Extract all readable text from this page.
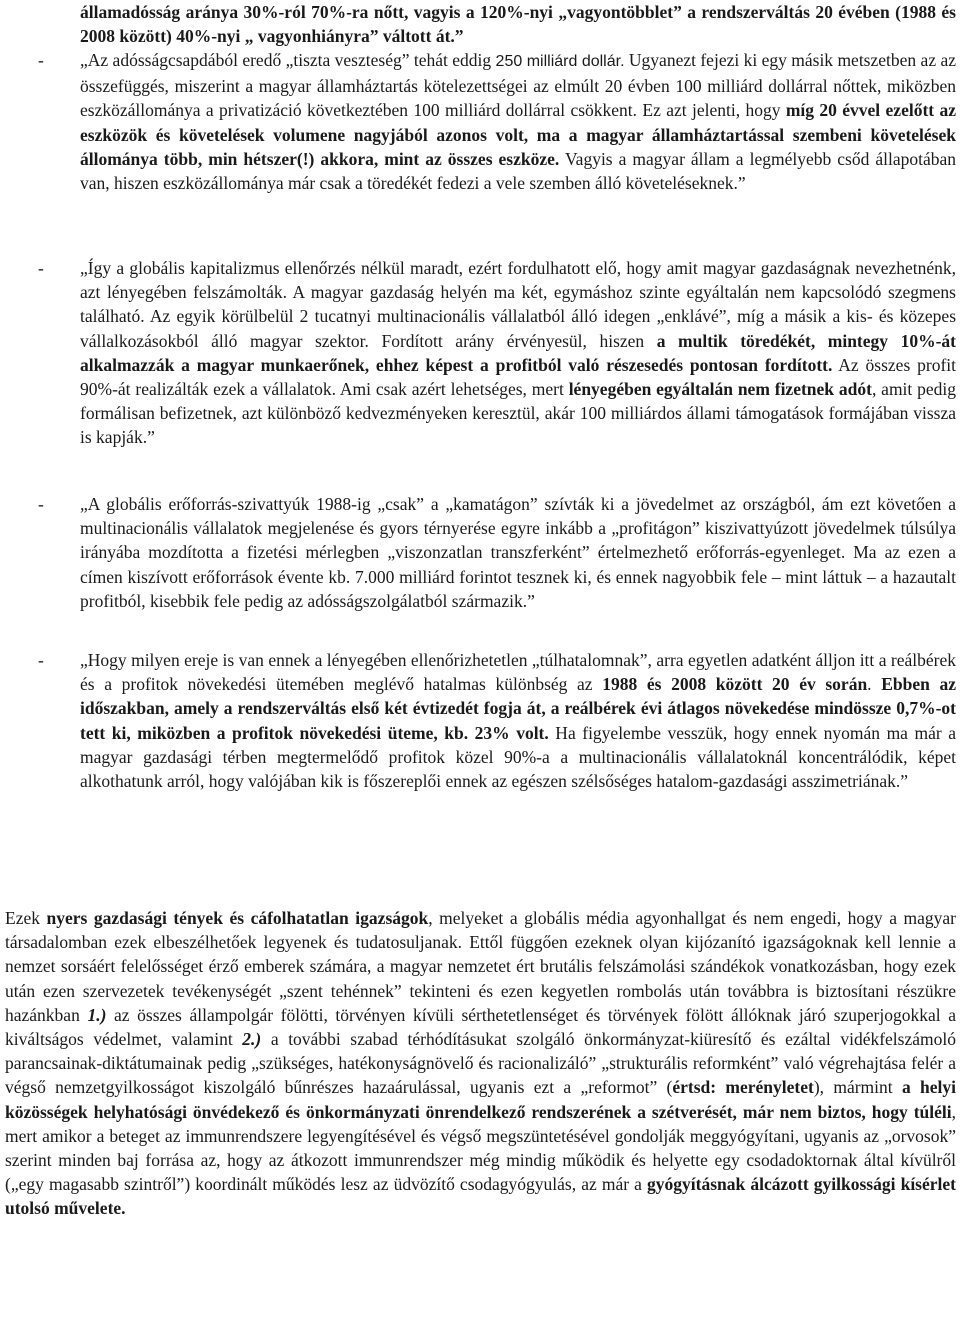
államadósság aránya 30%-ról 70%-ra nőtt, vagyis a 120%-nyi „vagyontöbblet” a rendszerváltás 20 évében (1988 és 2008 között) 40%-nyi „ vagyonhiányra” váltott át.”

- „Az adósságcsapdából eredő „tiszta veszteség” tehát eddig 250 milliárd dollár. Ugyanezt fejezi ki egy másik metszetben az az összefüggés, miszerint a magyar államháztartás kötelezettségei az elmúlt 20 évben 100 milliárd dollárral nőttek, miközben eszközállománya a privatizáció következtében 100 milliárd dollárral csökkent. Ez azt jelenti, hogy míg 20 évvel ezelőtt az eszközök és követelések volumene nagyjából azonos volt, ma a magyar államháztartással szembeni követelések állománya több, min hétszer(!) akkora, mint az összes eszköze. Vagyis a magyar állam a legmélyebb csőd állapotában van, hiszen eszközállománya már csak a töredékét fedezi a vele szemben álló követeléseknek.”

- „Így a globális kapitalizmus ellenőrzés nélkül maradt, ezért fordulhatott elő, hogy amit magyar gazdaságnak nevezhetnénk, azt lényegében felszámolták. A magyar gazdaság helyén ma két, egymáshoz szinte egyáltalán nem kapcsolódó szegmens található. Az egyik körülbelül 2 tucatnyi multinacionális vállalatból álló idegen „enklávé”, míg a másik a kis- és közepes vállalkozásokból álló magyar szektor. Fordított arány érvényesül, hiszen a multik töredékét, mintegy 10%-át alkalmazzák a magyar munkaerőnek, ehhez képest a profitból való részesedés pontosan fordított. Az összes profit 90%-át realizálták ezek a vállalatok. Ami csak azért lehetséges, mert lényegében egyáltalán nem fizetnek adót, amit pedig formálisan befizetnek, azt különböző kedvezményeken keresztül, akár 100 milliárdos állami támogatások formájában vissza is kapják.”

- „A globális erőforrás-szivattyúk 1988-ig „csak” a „kamatágon” szívták ki a jövedelmet az országból, ám ezt követően a multinacionális vállalatok megjelenése és gyors térnyerése egyre inkább a „profitágon” kiszivattyúzott jövedelmek túlsúlya irányába mozdította a fizetési mérlegben „viszonzatlan transzferként” értelmezhető erőforrás-egyenleget. Ma az ezen a címen kiszívott erőforrások évente kb. 7.000 milliárd forintot tesznek ki, és ennek nagyobbik fele – mint láttuk – a hazautalt profitból, kisebbik fele pedig az adósságszolgálatból származik.”

- „Hogy milyen ereje is van ennek a lényegében ellenőrizhetetlen „túlhatalomnak”, arra egyetlen adatként álljon itt a reálbérek és a profitok növekedési ütemében meglévő hatalmas különbség az 1988 és 2008 között 20 év során. Ebben az időszakban, amely a rendszerváltás első két évtizedét fogja át, a reálbérek évi átlagos növekedése mindössze 0,7%-ot tett ki, miközben a profitok növekedési üteme, kb. 23% volt. Ha figyelembe vesszük, hogy ennek nyomán ma már a magyar gazdasági térben megtermelődő profitok közel 90%-a a multinacionális vállalatoknál koncentrálódik, képet alkothatunk arról, hogy valójában kik is főszereplői ennek az egészen szélsőséges hatalom-gazdasági asszimetriának.”

Ezek nyers gazdasági tények és cáfolhatatlan igazságok, melyeket a globális média agyonhallgat és nem engedi, hogy a magyar társadalomban ezek elbeszélhetőek legyenek és tudatosuljanak. Ettől függően ezeknek olyan kijózanító igazságoknak kell lennie a nemzet sorsáért felelősséget érző emberek számára, a magyar nemzetet ért brutális felszámolási szándékok vonatkozásban, hogy ezek után ezen szervezetek tevékenységét „szent tehénnek” tekinteni és ezen kegyetlen rombolás után továbbra is biztosítani részükre hazánkban 1.) az összes állampolgár fölötti, törvényen kívüli sérthetetlenséget és törvények fölött állóknak járó szuperjogokkal a kiváltságos védelmet, valamint 2.) a további szabad térhódításukat szolgáló önkormányzat-kiüresítő és ezáltal vidékfelszámoló parancsainak-diktátumainak pedig „szükséges, hatékonyságnövelő és racionalizáló” „strukturális reformként” való végrehajtása felér a végső nemzetgyilkosságot kiszolgáló bűnrészes hazaárulással, ugyanis ezt a „reformot” (értsd: merényletet), mármint a helyi közösségek helyhatósági önvédekező és önkormányzati önrendelkező rendszerének a szétverését, már nem biztos, hogy túléli, mert amikor a beteget az immunrendszere legyengítésével és végső megszüntetésével gondolják meggyógyítani, ugyanis az „orvosok” szerint minden baj forrása az, hogy az átkozott immunrendszer még mindig működik és helyette egy csodadoktornak által kívülről („egy magasabb szintről”) koordinált működés lesz az üdvözítő csodagyógyulás, az már a gyógyításnak álcázott gyilkossági kísérlet utolsó művelete.
